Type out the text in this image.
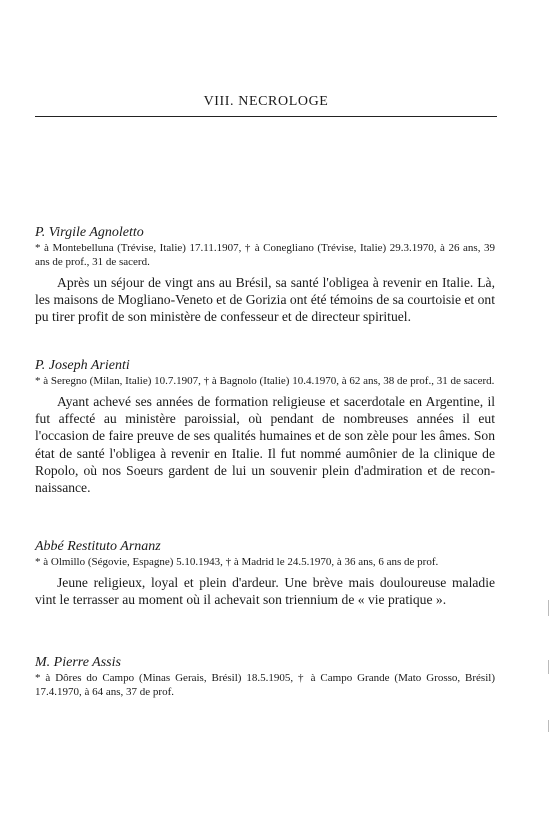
VIII. NECROLOGE

P. Virgile Agnoletto

* à Montebelluna (Trévise, Italie) 17.11.1907, † à Conegliano (Trévise, Italie) 29.3.1970, à 26 ans, 39 ans de prof., 31 de sacerd.

Après un séjour de vingt ans au Brésil, sa santé l'obligea à revenir en Italie. Là, les maisons de Mogliano-Veneto et de Gorizia ont été témoins de sa courtoisie et ont pu tirer profit de son ministère de confesseur et de directeur spirituel.

P. Joseph Arienti

* à Seregno (Milan, Italie) 10.7.1907, † à Bagnolo (Italie) 10.4.1970, à 62 ans, 38 de prof., 31 de sacerd.

Ayant achevé ses années de formation religieuse et sacerdotale en Argentine, il fut affecté au ministère paroissial, où pendant de nombreuses années il eut l'occasion de faire preuve de ses qualités humaines et de son zèle pour les âmes. Son état de santé l'obligea à revenir en Italie. Il fut nommé aumônier de la clinique de Ropolo, où nos Soeurs gardent de lui un souvenir plein d'admiration et de reconnaissance.

Abbé Restituto Arnanz

* à Olmillo (Ségovie, Espagne) 5.10.1943, † à Madrid le 24.5.1970, à 36 ans, 6 ans de prof.

Jeune religieux, loyal et plein d'ardeur. Une brève mais douloureuse maladie vint le terrasser au moment où il achevait son triennium de « vie pratique ».

M. Pierre Assis

* à Dôres do Campo (Minas Gerais, Brésil) 18.5.1905, † à Campo Grande (Mato Grosso, Brésil) 17.4.1970, à 64 ans, 37 de prof.
